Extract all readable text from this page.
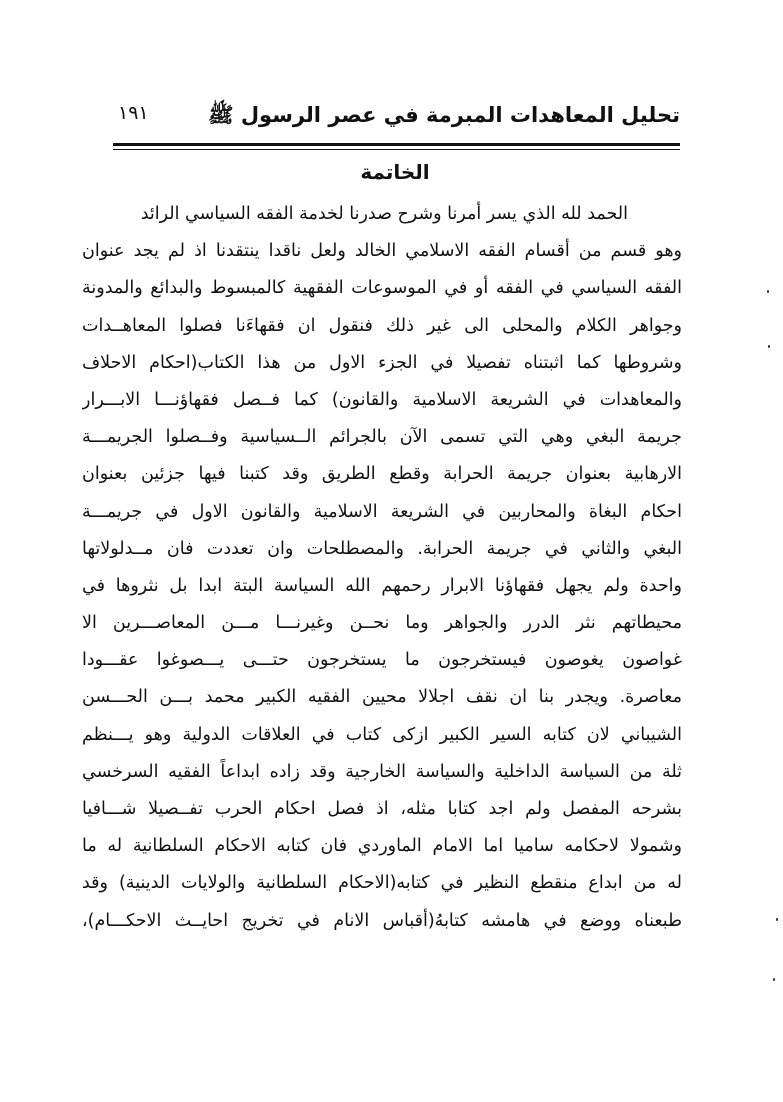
تحليل المعاهدات المبرمة في عصر الرسول ﷺ
١٩١
الخاتمة
الحمد لله الذي يسر أمرنا وشرح صدرنا لخدمة الفقه السياسي الرائد
وهو قسم من أقسام الفقه الاسلامي الخالد ولعل ناقدا ينتقدنا اذ لم يجد عنوان
الفقه السياسي في الفقه أو في الموسوعات الفقهية كالمبسوط والبدائع والمدونة
وجواهر الكلام والمحلى الى غير ذلك فنقول ان فقهاءَنا فصلوا المعاهــدات
وشروطها كما اثبتناه تفصيلا في الجزء الاول من هذا الكتاب(احكام الاحلاف
والمعاهدات في الشريعة الاسلامية والقانون) كما فــصل فقهاؤنـــا الابـــرار
جريمة البغي وهي التي تسمى الآن بالجرائم الــسياسية وفــصلوا الجريمـــة
الارهابية بعنوان جريمة الحرابة وقطع الطريق وقد كتبنا فيها جزئين بعنوان
احكام البغاة والمحاربين في الشريعة الاسلامية والقانون الاول في جريمـــة
البغي والثاني في جريمة الحرابة. والمصطلحات وان تعددت فان مــدلولاتها
واحدة ولم يجهل فقهاؤنا الابرار رحمهم الله السياسة البتة ابدا بل نثروها في
محيطاتهم نثر الدرر والجواهر وما نحــن وغيرنـــا مـــن المعاصـــرين الا
غواصون يغوصون فيستخرجون ما يستخرجون حتـــى يـــصوغوا عقـــودا
معاصرة. ويجدر بنا ان نقف اجلالا محيين الفقيه الكبير محمد بـــن الحـــسن
الشيباني لان كتابه السير الكبير ازكى كتاب في العلاقات الدولية وهو يـــنظم
ثلة من السياسة الداخلية والسياسة الخارجية وقد زاده ابداعاً الفقيه السرخسي
بشرحه المفصل ولم اجد كتابا مثله، اذ فصل احكام الحرب تفــصيلا شـــافيا
وشمولا لاحكامه ساميا اما الامام الماوردي فان كتابه الاحكام السلطانية له ما
له من ابداع منقطع النظير في كتابه(الاحكام السلطانية والولايات الدينية) وقد
طبعناه ووضع في هامشه كتابهُ(أقباس الانام في تخريج احايــث الاحكـــام)،
